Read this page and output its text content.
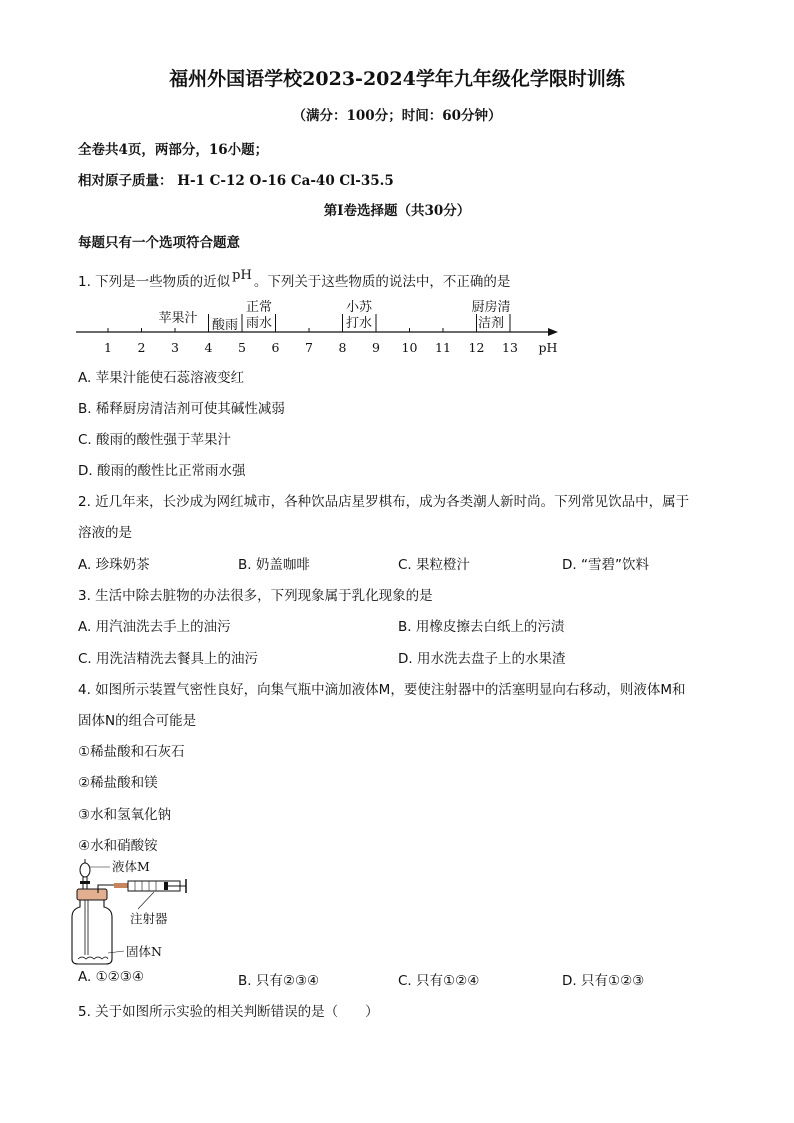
福州外国语学校2023-2024学年九年级化学限时训练
（满分：100分；时间：60分钟）
全卷共4页，两部分，16小题；
相对原子质量： H-1 C-12 O-16 Ca-40 Cl-35.5
第Ⅰ卷选择题（共30分）
每题只有一个选项符合题意
1. 下列是一些物质的近似 pH 。下列关于这些物质的说法中，不正确的是
1 2 3 4 5 6 7 8 9 10 11 12 13 pH
苹果汁 酸雨
正常
雨水
小苏
打水
厨房清
洁剂
A. 苹果汁能使石蕊溶液变红
B. 稀释厨房清洁剂可使其碱性减弱
C. 酸雨的酸性强于苹果汁
D. 酸雨的酸性比正常雨水强
2. 近几年来，长沙成为网红城市，各种饮品店星罗棋布，成为各类潮人新时尚。下列常见饮品中，属于
溶液的是
A. 珍珠奶茶	B. 奶盖咖啡	C. 果粒橙汁	D. “雪碧”饮料
3. 生活中除去脏物的办法很多，下列现象属于乳化现象的是
A. 用汽油洗去手上的油污	B. 用橡皮擦去白纸上的污渍
C. 用洗洁精洗去餐具上的油污	D. 用水洗去盘子上的水果渣
4. 如图所示装置气密性良好，向集气瓶中滴加液体M，要使注射器中的活塞明显向右移动，则液体M和
固体N的组合可能是
①稀盐酸和石灰石
②稀盐酸和镁
③水和氢氧化钠
④水和硝酸铵
液体M
注射器
固体N
A. ①②③④	B. 只有②③④	C. 只有①②④	D. 只有①②③
5. 关于如图所示实验的相关判断错误的是（　　）
